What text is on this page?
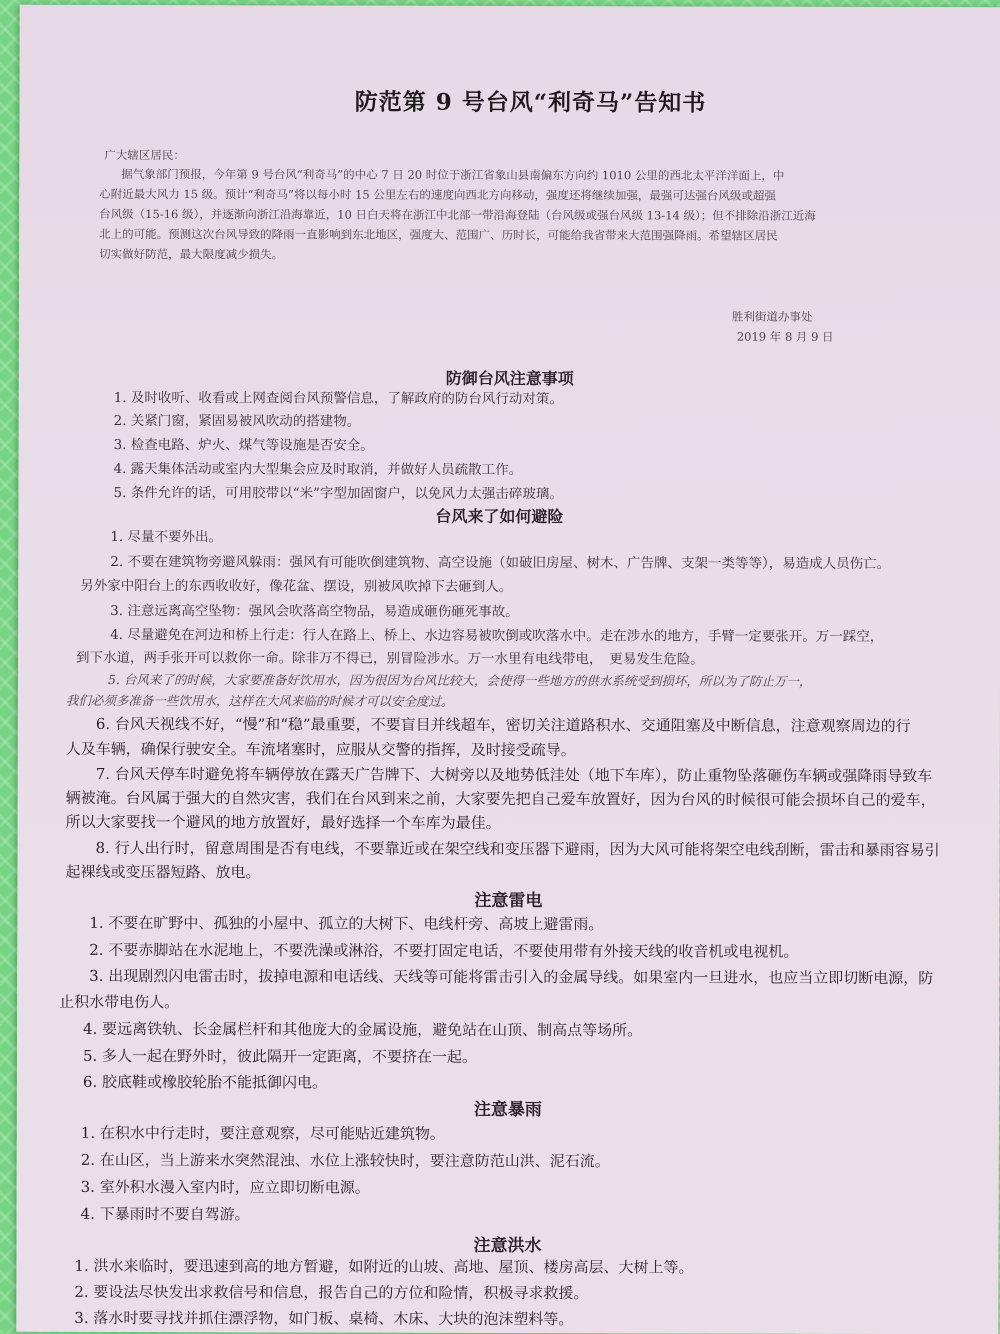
防范第 9 号台风“利奇马”告知书
广大辖区居民：
据气象部门预报，今年第 9 号台风“利奇马”的中心 7 日 20 时位于浙江省象山县南偏东方向约 1010 公里的西北太平洋洋面上，中
心附近最大风力 15 级。预计“利奇马”将以每小时 15 公里左右的速度向西北方向移动，强度还将继续加强，最强可达强台风级或超强
台风级（15-16 级），并逐渐向浙江沿海靠近，10 日白天将在浙江中北部一带沿海登陆（台风级或强台风级 13-14 级）；但不排除沿浙江近海
北上的可能。预测这次台风导致的降雨一直影响到东北地区，强度大、范围广、历时长，可能给我省带来大范围强降雨。希望辖区居民
切实做好防范，最大限度减少损失。
胜利街道办事处
2019 年 8 月 9 日
防御台风注意事项
1. 及时收听、收看或上网查阅台风预警信息，了解政府的防台风行动对策。
2. 关紧门窗，紧固易被风吹动的搭建物。
3. 检查电路、炉火、煤气等设施是否安全。
4. 露天集体活动或室内大型集会应及时取消，并做好人员疏散工作。
5. 条件允许的话，可用胶带以“米”字型加固窗户，以免风力太强击碎玻璃。
台风来了如何避险
1. 尽量不要外出。
2. 不要在建筑物旁避风躲雨：强风有可能吹倒建筑物、高空设施（如破旧房屋、树木、广告牌、支架一类等等），易造成人员伤亡。
另外家中阳台上的东西收收好，像花盆、摆设，别被风吹掉下去砸到人。
3. 注意远离高空坠物：强风会吹落高空物品，易造成砸伤砸死事故。
4. 尽量避免在河边和桥上行走：行人在路上、桥上、水边容易被吹倒或吹落水中。走在涉水的地方，手臂一定要张开。万一踩空，
到下水道，两手张开可以救你一命。除非万不得已，别冒险涉水。万一水里有电线带电，　更易发生危险。
5. 台风来了的时候，大家要准备好饮用水，因为很因为台风比较大，会使得一些地方的供水系统受到损坏，所以为了防止万一，
我们必须多准备一些饮用水，这样在大风来临的时候才可以安全度过。
6. 台风天视线不好，“慢”和“稳”最重要，不要盲目并线超车，密切关注道路积水、交通阻塞及中断信息，注意观察周边的行
人及车辆，确保行驶安全。车流堵塞时，应服从交警的指挥，及时接受疏导。
7. 台风天停车时避免将车辆停放在露天广告牌下、大树旁以及地势低洼处（地下车库），防止重物坠落砸伤车辆或强降雨导致车
辆被淹。台风属于强大的自然灾害，我们在台风到来之前，大家要先把自己爱车放置好，因为台风的时候很可能会损坏自己的爱车，
所以大家要找一个避风的地方放置好，最好选择一个车库为最佳。
8. 行人出行时，留意周围是否有电线，不要靠近或在架空线和变压器下避雨，因为大风可能将架空电线刮断，雷击和暴雨容易引
起裸线或变压器短路、放电。
注意雷电
1. 不要在旷野中、孤独的小屋中、孤立的大树下、电线杆旁、高坡上避雷雨。
2. 不要赤脚站在水泥地上，不要洗澡或淋浴，不要打固定电话，不要使用带有外接天线的收音机或电视机。
3. 出现剧烈闪电雷击时，拔掉电源和电话线、天线等可能将雷击引入的金属导线。如果室内一旦进水，也应当立即切断电源，防
止积水带电伤人。
4. 要远离铁轨、长金属栏杆和其他庞大的金属设施，避免站在山顶、制高点等场所。
5. 多人一起在野外时，彼此隔开一定距离，不要挤在一起。
6. 胶底鞋或橡胶轮胎不能抵御闪电。
注意暴雨
1. 在积水中行走时，要注意观察，尽可能贴近建筑物。
2. 在山区，当上游来水突然混浊、水位上涨较快时，要注意防范山洪、泥石流。
3. 室外积水漫入室内时，应立即切断电源。
4. 下暴雨时不要自驾游。
注意洪水
1. 洪水来临时，要迅速到高的地方暂避，如附近的山坡、高地、屋顶、楼房高层、大树上等。
2. 要设法尽快发出求救信号和信息，报告自己的方位和险情，积极寻求救援。
3. 落水时要寻找并抓住漂浮物，如门板、桌椅、木床、大块的泡沫塑料等。
